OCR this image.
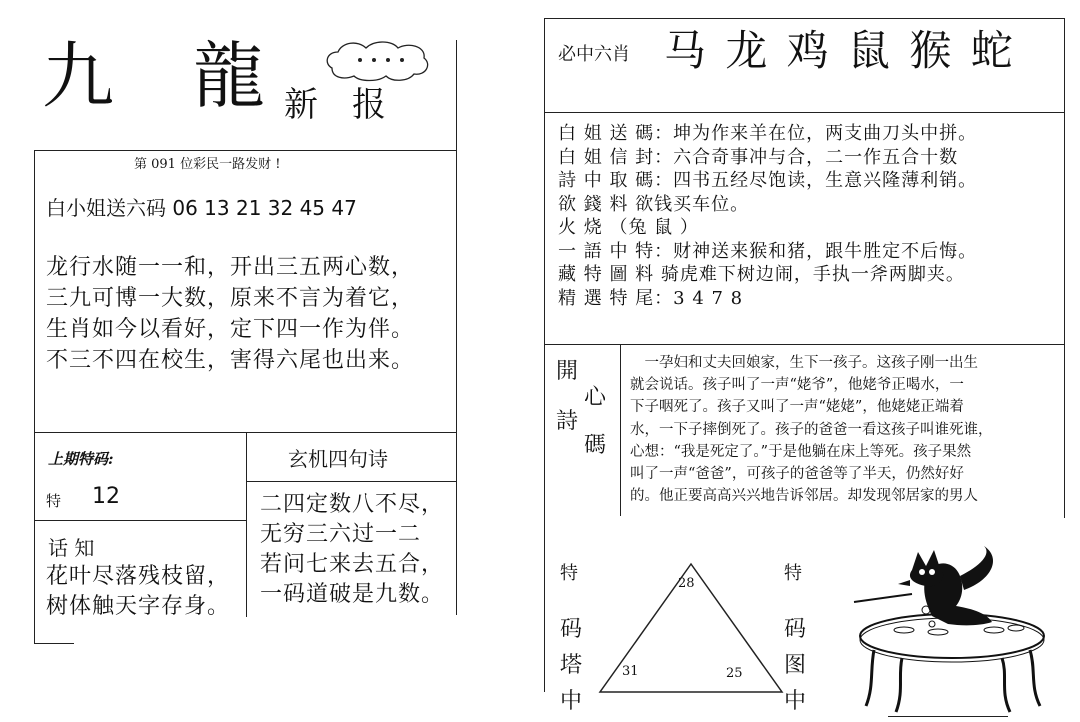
九 龍
新 报
第 091 位彩民一路发财 !
白小姐送六码 06 13 21 32 45 47
龙行水随一一和，开出三五两心数，
三九可博一大数，原来不言为着它，
生肖如今以看好，定下四一作为伴。
不三不四在校生，害得六尾也出来。
上期特码:
特 12
话 知
花叶尽落残枝留，
树体触天字存身。
玄机四句诗
二四定数八不尽，
无穷三六过一二
若问七来去五合，
一码道破是九数。
必中六肖 马 龙 鸡 鼠 猴 蛇
白 姐 送 碼：坤为作来羊在位，两支曲刀头中拼。
白 姐 信 封：六合奇事冲与合，二一作五合十数
詩 中 取 碼：四书五经尽饱读，生意兴隆薄利销。
欲 錢 料 欲钱买车位。
火 烧 （兔 鼠 ）
一 語 中 特：财神送来猴和猪，跟牛胜定不后悔。
藏 特 圖 料 骑虎难下树边闹，手执一斧两脚夹。
精 選 特 尾：3 4 7 8
開
心
詩
碼
　一孕妇和丈夫回娘家，生下一孩子。这孩子刚一出生
就会说话。孩子叫了一声“姥爷”，他姥爷正喝水，一
下子咽死了。孩子又叫了一声“姥姥”，他姥姥正端着
水，一下子摔倒死了。孩子的爸爸一看这孩子叫谁死谁，
心想：“我是死定了。”于是他躺在床上等死。孩子果然
叫了一声“爸爸”，可孩子的爸爸等了半天，仍然好好
的。他正要高高兴兴地告诉邻居。却发现邻居家的男人
特
码
塔
中
特
码
图
中
28
31	25
